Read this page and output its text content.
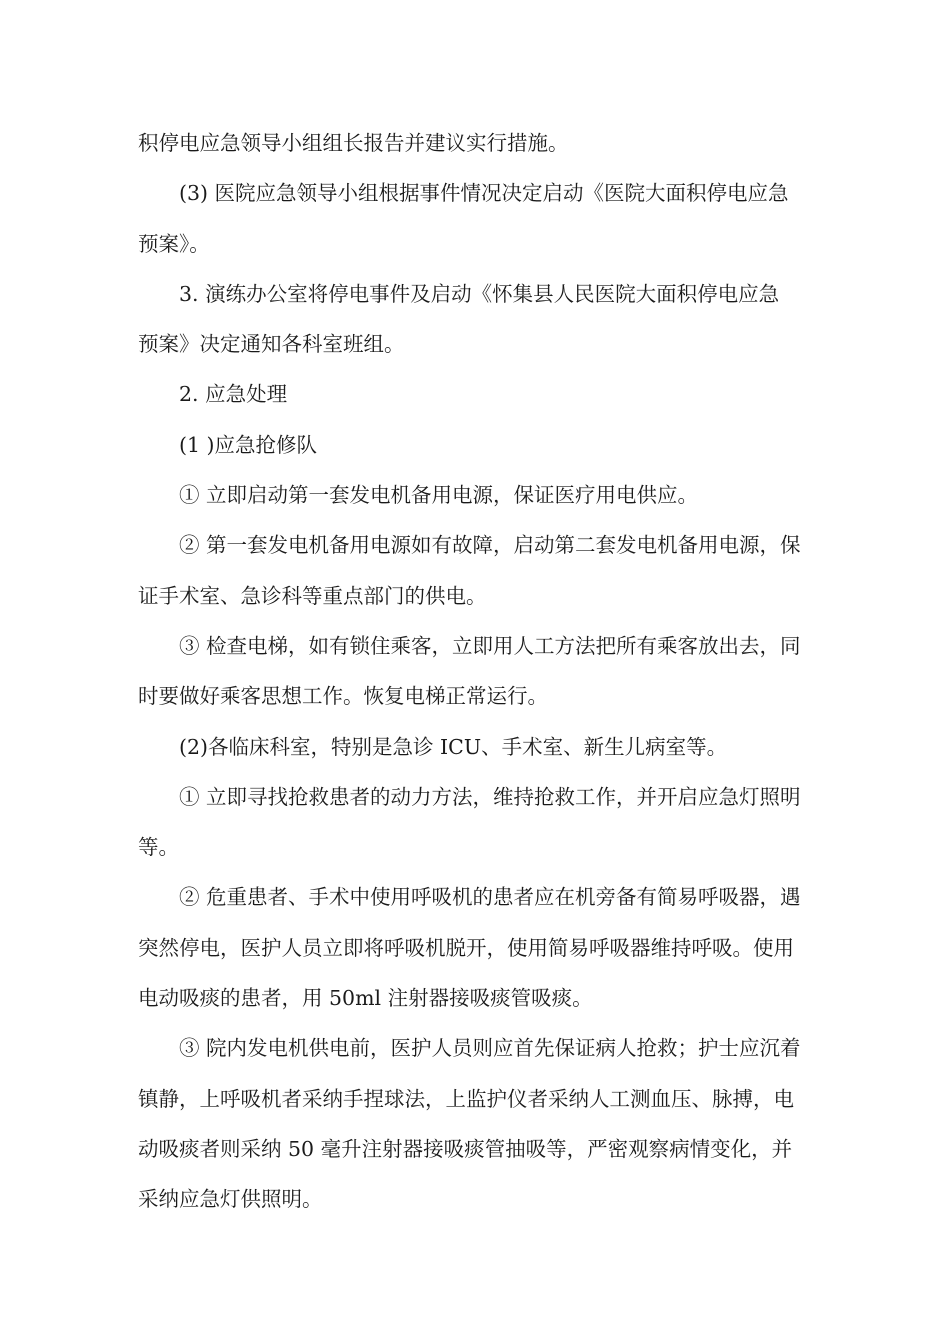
积停电应急领导小组组长报告并建议实行措施。
(3) 医院应急领导小组根据事件情况决定启动《医院大面积停电应急
预案》。
3. 演练办公室将停电事件及启动《怀集县人民医院大面积停电应急
预案》决定通知各科室班组。
2. 应急处理
(1 )应急抢修队
① 立即启动第一套发电机备用电源，保证医疗用电供应。
② 第一套发电机备用电源如有故障，启动第二套发电机备用电源，保
证手术室、急诊科等重点部门的供电。
③ 检查电梯，如有锁住乘客，立即用人工方法把所有乘客放出去，同
时要做好乘客思想工作。恢复电梯正常运行。
(2)各临床科室，特别是急诊 ICU、手术室、新生儿病室等。
① 立即寻找抢救患者的动力方法，维持抢救工作，并开启应急灯照明
等。
② 危重患者、手术中使用呼吸机的患者应在机旁备有简易呼吸器，遇
突然停电，医护人员立即将呼吸机脱开，使用简易呼吸器维持呼吸。使用
电动吸痰的患者，用 50ml 注射器接吸痰管吸痰。
③ 院内发电机供电前，医护人员则应首先保证病人抢救；护士应沉着
镇静，上呼吸机者采纳手捏球法，上监护仪者采纳人工测血压、脉搏，电
动吸痰者则采纳 50 毫升注射器接吸痰管抽吸等，严密观察病情变化，并
采纳应急灯供照明。
